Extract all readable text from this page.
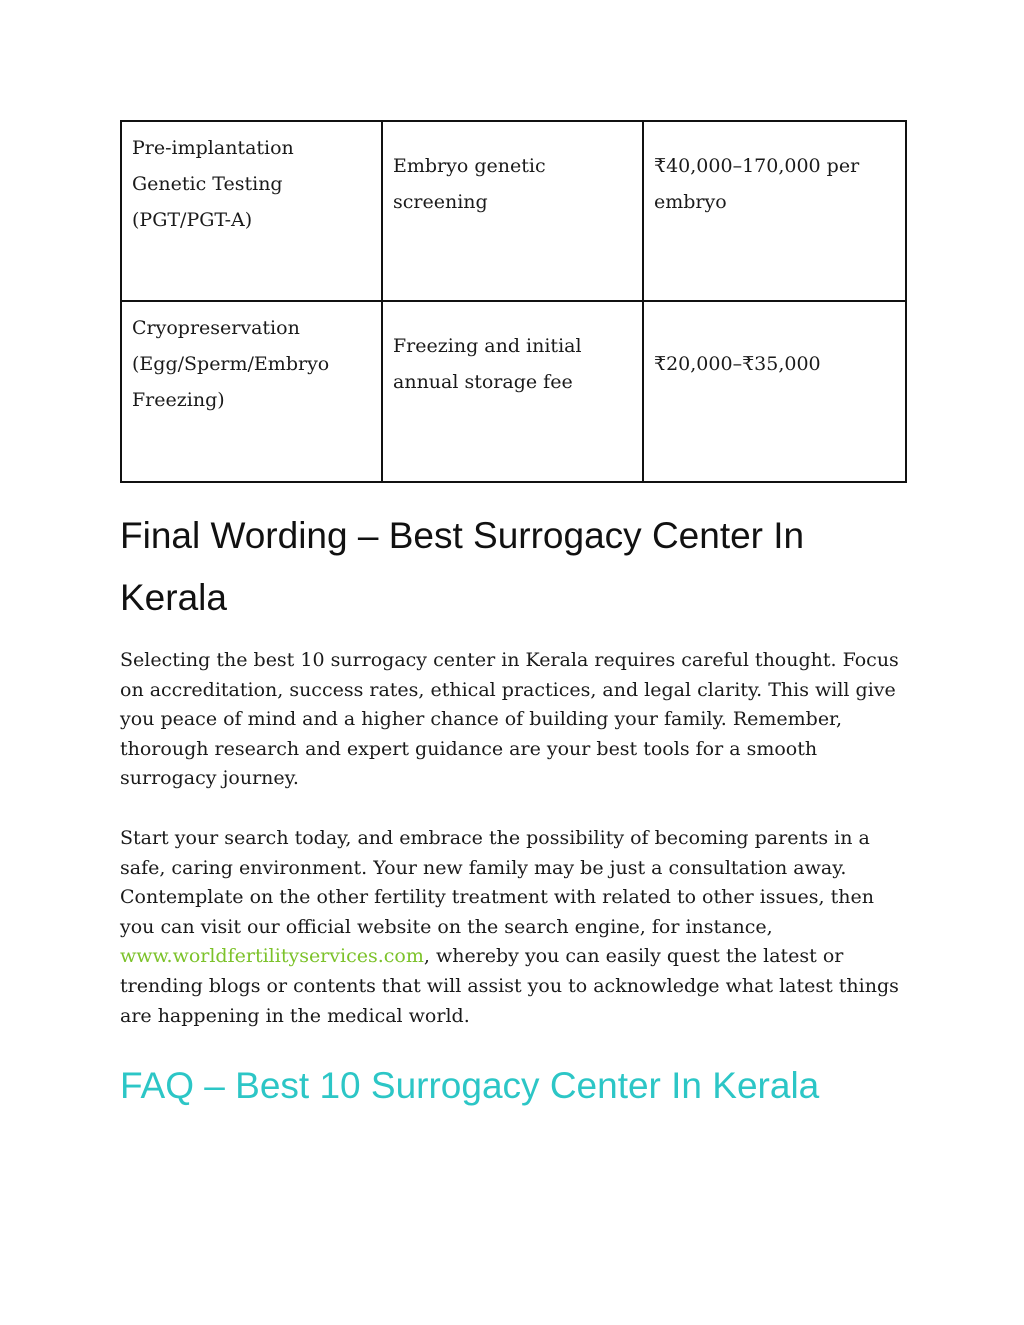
Pre-implantation Genetic Testing (PGT/PGT-A)	Embryo genetic screening	₹40,000–170,000 per embryo
Cryopreservation (Egg/Sperm/Embryo Freezing)	Freezing and initial annual storage fee	₹20,000–₹35,000
Final Wording – Best Surrogacy Center In Kerala

Selecting the best 10 surrogacy center in Kerala requires careful thought. Focus on accreditation, success rates, ethical practices, and legal clarity. This will give you peace of mind and a higher chance of building your family. Remember, thorough research and expert guidance are your best tools for a smooth surrogacy journey.

Start your search today, and embrace the possibility of becoming parents in a safe, caring environment. Your new family may be just a consultation away. Contemplate on the other fertility treatment with related to other issues, then you can visit our official website on the search engine, for instance, www.worldfertilityservices.com, whereby you can easily quest the latest or trending blogs or contents that will assist you to acknowledge what latest things are happening in the medical world.

FAQ – Best 10 Surrogacy Center In Kerala
